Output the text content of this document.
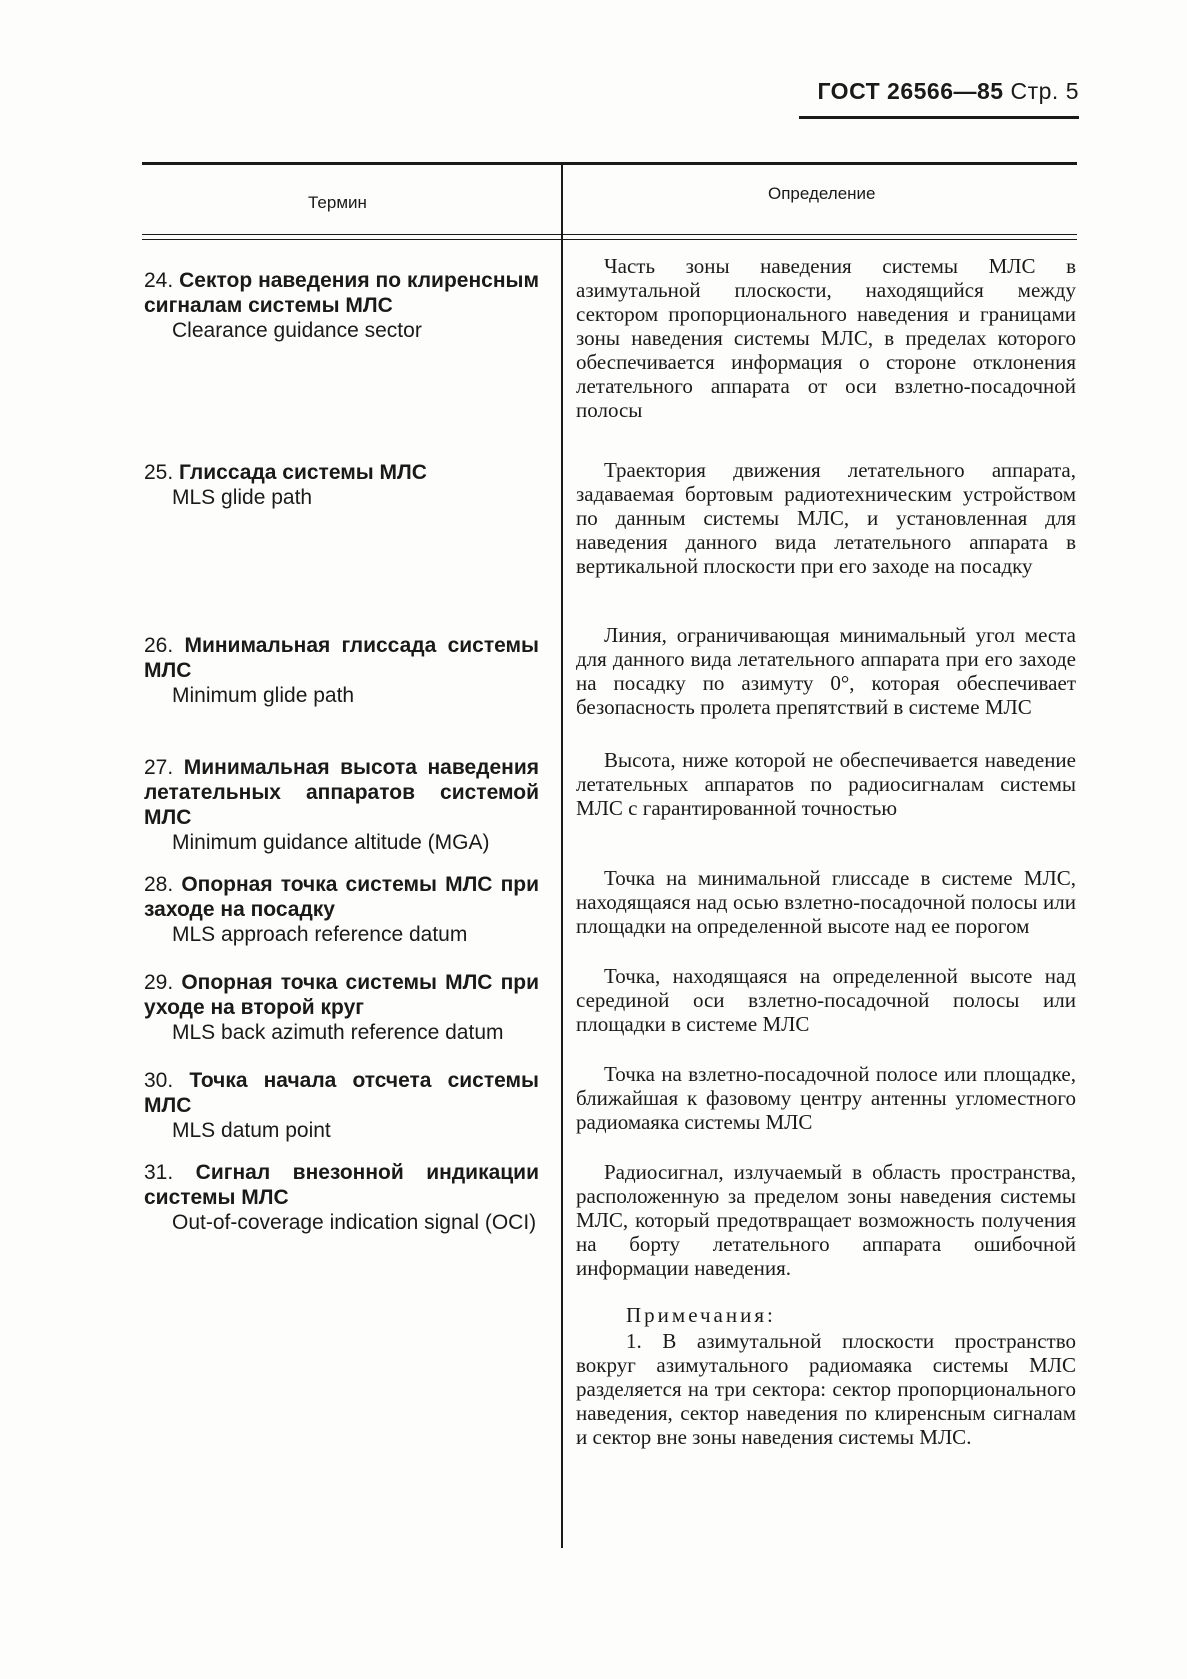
ГОСТ 26566—85 Стр. 5
Термин	Определение
24. Сектор наведения по клиренсным сигналам системы МЛС
Clearance guidance sector
Часть зоны наведения системы МЛС в азимутальной плоскости, находящийся между сектором пропорционального наведения и границами зоны наведения системы МЛС, в пределах которого обеспечивается информация о стороне отклонения летательного аппарата от оси взлетно-посадочной полосы
25. Глиссада системы МЛС
MLS glide path
Траектория движения летательного аппарата, задаваемая бортовым радиотехническим устройством по данным системы МЛС, и установленная для наведения данного вида летательного аппарата в вертикальной плоскости при его заходе на посадку
26. Минимальная глиссада системы МЛС
Minimum glide path
Линия, ограничивающая минимальный угол места для данного вида летательного аппарата при его заходе на посадку по азимуту 0°, которая обеспечивает безопасность пролета препятствий в системе МЛС
27. Минимальная высота наведения летательных аппаратов системой МЛС
Minimum guidance altitude (MGA)
Высота, ниже которой не обеспечивается наведение летательных аппаратов по радиосигналам системы МЛС с гарантированной точностью
28. Опорная точка системы МЛС при заходе на посадку
MLS approach reference datum
Точка на минимальной глиссаде в системе МЛС, находящаяся над осью взлетно-посадочной полосы или площадки на определенной высоте над ее порогом
29. Опорная точка системы МЛС при уходе на второй круг
MLS back azimuth reference datum
Точка, находящаяся на определенной высоте над серединой оси взлетно-посадочной полосы или площадки в системе МЛС
30. Точка начала отсчета системы МЛС
MLS datum point
Точка на взлетно-посадочной полосе или площадке, ближайшая к фазовому центру антенны угломестного радиомаяка системы МЛС
31. Сигнал внезонной индикации системы МЛС
Out-of-coverage indication signal (OCI)
Радиосигнал, излучаемый в область пространства, расположенную за пределом зоны наведения системы МЛС, который предотвращает возможность получения на борту летательного аппарата ошибочной информации наведения.
Примечания:
1. В азимутальной плоскости пространство вокруг азимутального радиомаяка системы МЛС разделяется на три сектора: сектор пропорционального наведения, сектор наведения по клиренсным сигналам и сектор вне зоны наведения системы МЛС.
